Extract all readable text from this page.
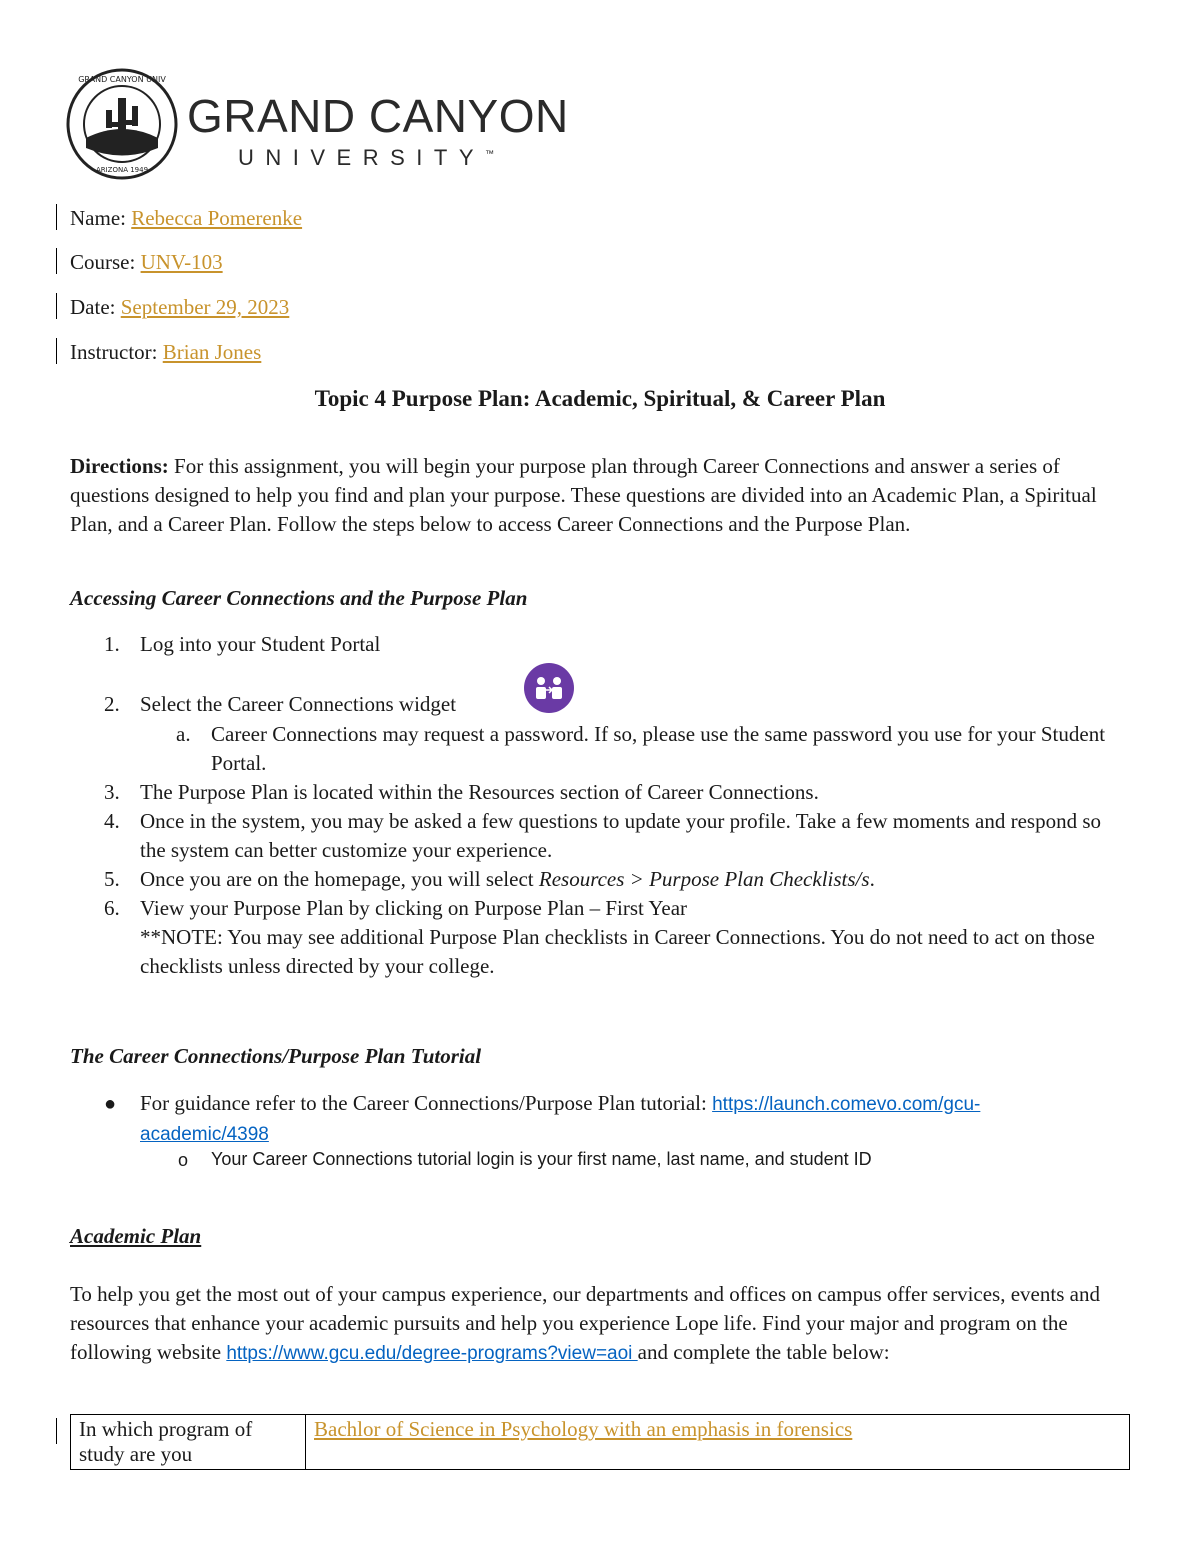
GRAND CANYON UNIV
ARIZONA 1949
GRAND CANYON
UNIVERSITY™
Name: Rebecca Pomerenke
Course: UNV-103
Date: September 29, 2023
Instructor: Brian Jones
Topic 4 Purpose Plan: Academic, Spiritual, & Career Plan
Directions: For this assignment, you will begin your purpose plan through Career Connections and answer a series of questions designed to help you find and plan your purpose. These questions are divided into an Academic Plan, a Spiritual Plan, and a Career Plan. Follow the steps below to access Career Connections and the Purpose Plan.
Accessing Career Connections and the Purpose Plan
1. Log into your Student Portal
2. Select the Career Connections widget
a. Career Connections may request a password. If so, please use the same password you use for your Student Portal.
3. The Purpose Plan is located within the Resources section of Career Connections.
4. Once in the system, you may be asked a few questions to update your profile. Take a few moments and respond so the system can better customize your experience.
5. Once you are on the homepage, you will select Resources > Purpose Plan Checklists/s.
6. View your Purpose Plan by clicking on Purpose Plan – First Year
**NOTE: You may see additional Purpose Plan checklists in Career Connections. You do not need to act on those checklists unless directed by your college.
The Career Connections/Purpose Plan Tutorial
● For guidance refer to the Career Connections/Purpose Plan tutorial: https://launch.comevo.com/gcu-
academic/4398
o Your Career Connections tutorial login is your first name, last name, and student ID
Academic Plan
To help you get the most out of your campus experience, our departments and offices on campus offer services, events and resources that enhance your academic pursuits and help you experience Lope life. Find your major and program on the following website https://www.gcu.edu/degree-programs?view=aoi and complete the table below:
In which program of study are you	Bachlor of Science in Psychology with an emphasis in forensics
